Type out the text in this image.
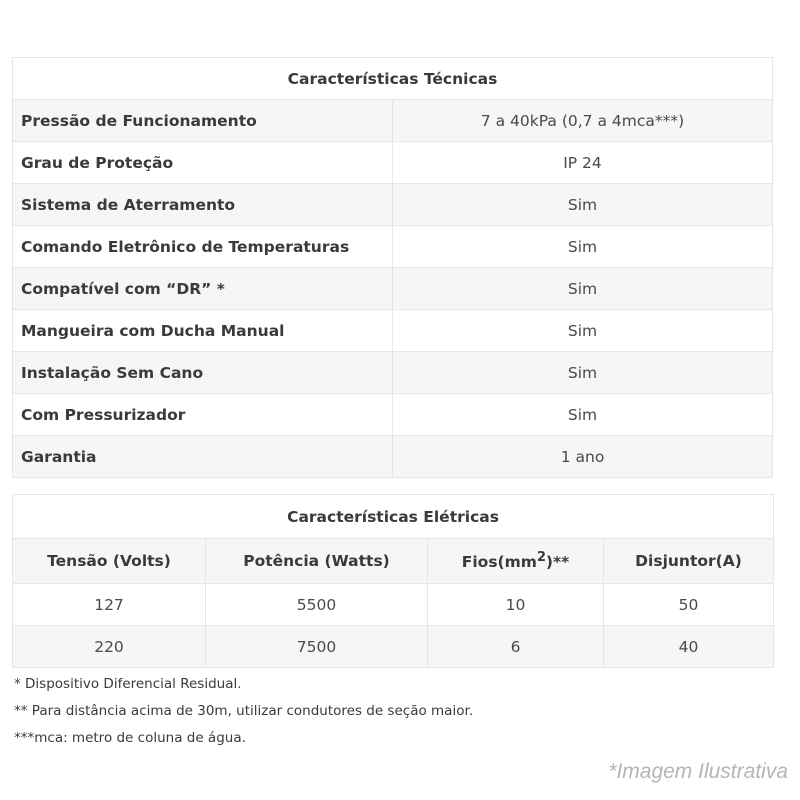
Características Técnicas	
Pressão de Funcionamento	7 a 40kPa (0,7 a 4mca***)
Grau de Proteção	IP 24
Sistema de Aterramento	Sim
Comando Eletrônico de Temperaturas	Sim
Compatível com “DR” *	Sim
Mangueira com Ducha Manual	Sim
Instalação Sem Cano	Sim
Com Pressurizador	Sim
Garantia	1 ano
Características Elétricas			
Tensão (Volts)	Potência (Watts)	$Fios(mm^2)**$	Disjuntor(A)
127	5500	10	50
220	7500	6	40
* Dispositivo Diferencial Residual.
** Para distância acima de 30m, utilizar condutores de seção maior.
***mca: metro de coluna de água.
*Imagem Ilustrativa
